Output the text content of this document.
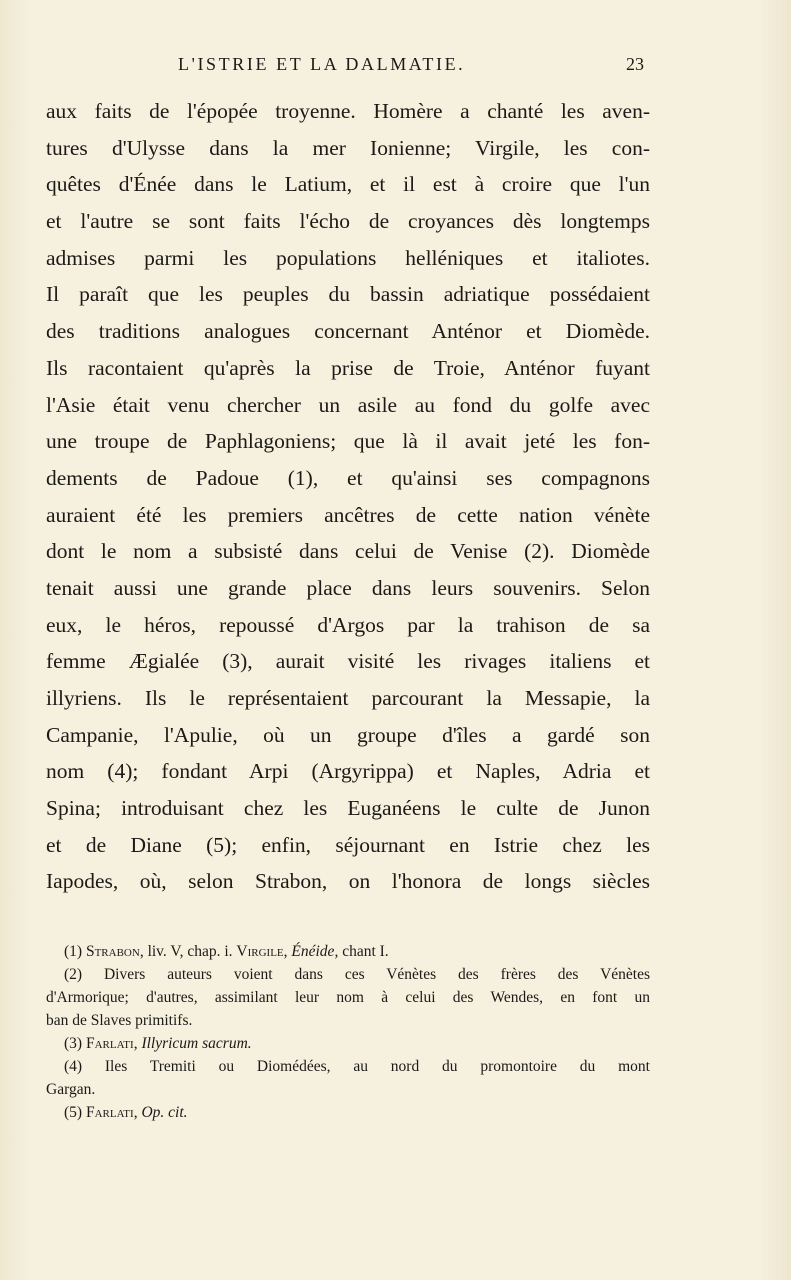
L'ISTRIE ET LA DALMATIE.	23
aux faits de l'épopée troyenne. Homère a chanté les aven-
tures d'Ulysse dans la mer Ionienne; Virgile, les con-
quêtes d'Énée dans le Latium, et il est à croire que l'un
et l'autre se sont faits l'écho de croyances dès longtemps
admises parmi les populations helléniques et italiotes.
Il paraît que les peuples du bassin adriatique possédaient
des traditions analogues concernant Anténor et Diomède.
Ils racontaient qu'après la prise de Troie, Anténor fuyant
l'Asie était venu chercher un asile au fond du golfe avec
une troupe de Paphlagoniens; que là il avait jeté les fon-
dements de Padoue (1), et qu'ainsi ses compagnons
auraient été les premiers ancêtres de cette nation vénète
dont le nom a subsisté dans celui de Venise (2). Diomède
tenait aussi une grande place dans leurs souvenirs. Selon
eux, le héros, repoussé d'Argos par la trahison de sa
femme Ægialée (3), aurait visité les rivages italiens et
illyriens. Ils le représentaient parcourant la Messapie, la
Campanie, l'Apulie, où un groupe d'îles a gardé son
nom (4); fondant Arpi (Argyrippa) et Naples, Adria et
Spina; introduisant chez les Euganéens le culte de Junon
et de Diane (5); enfin, séjournant en Istrie chez les
Iapodes, où, selon Strabon, on l'honora de longs siècles
(1) Strabon, liv. V, chap. i. Virgile, Énéide, chant I.
(2) Divers auteurs voient dans ces Vénètes des frères des Vénètes
d'Armorique; d'autres, assimilant leur nom à celui des Wendes, en font un
ban de Slaves primitifs.
(3) Farlati, Illyricum sacrum.
(4) Iles Tremiti ou Diomédées, au nord du promontoire du mont
Gargan.
(5) Farlati, Op. cit.
